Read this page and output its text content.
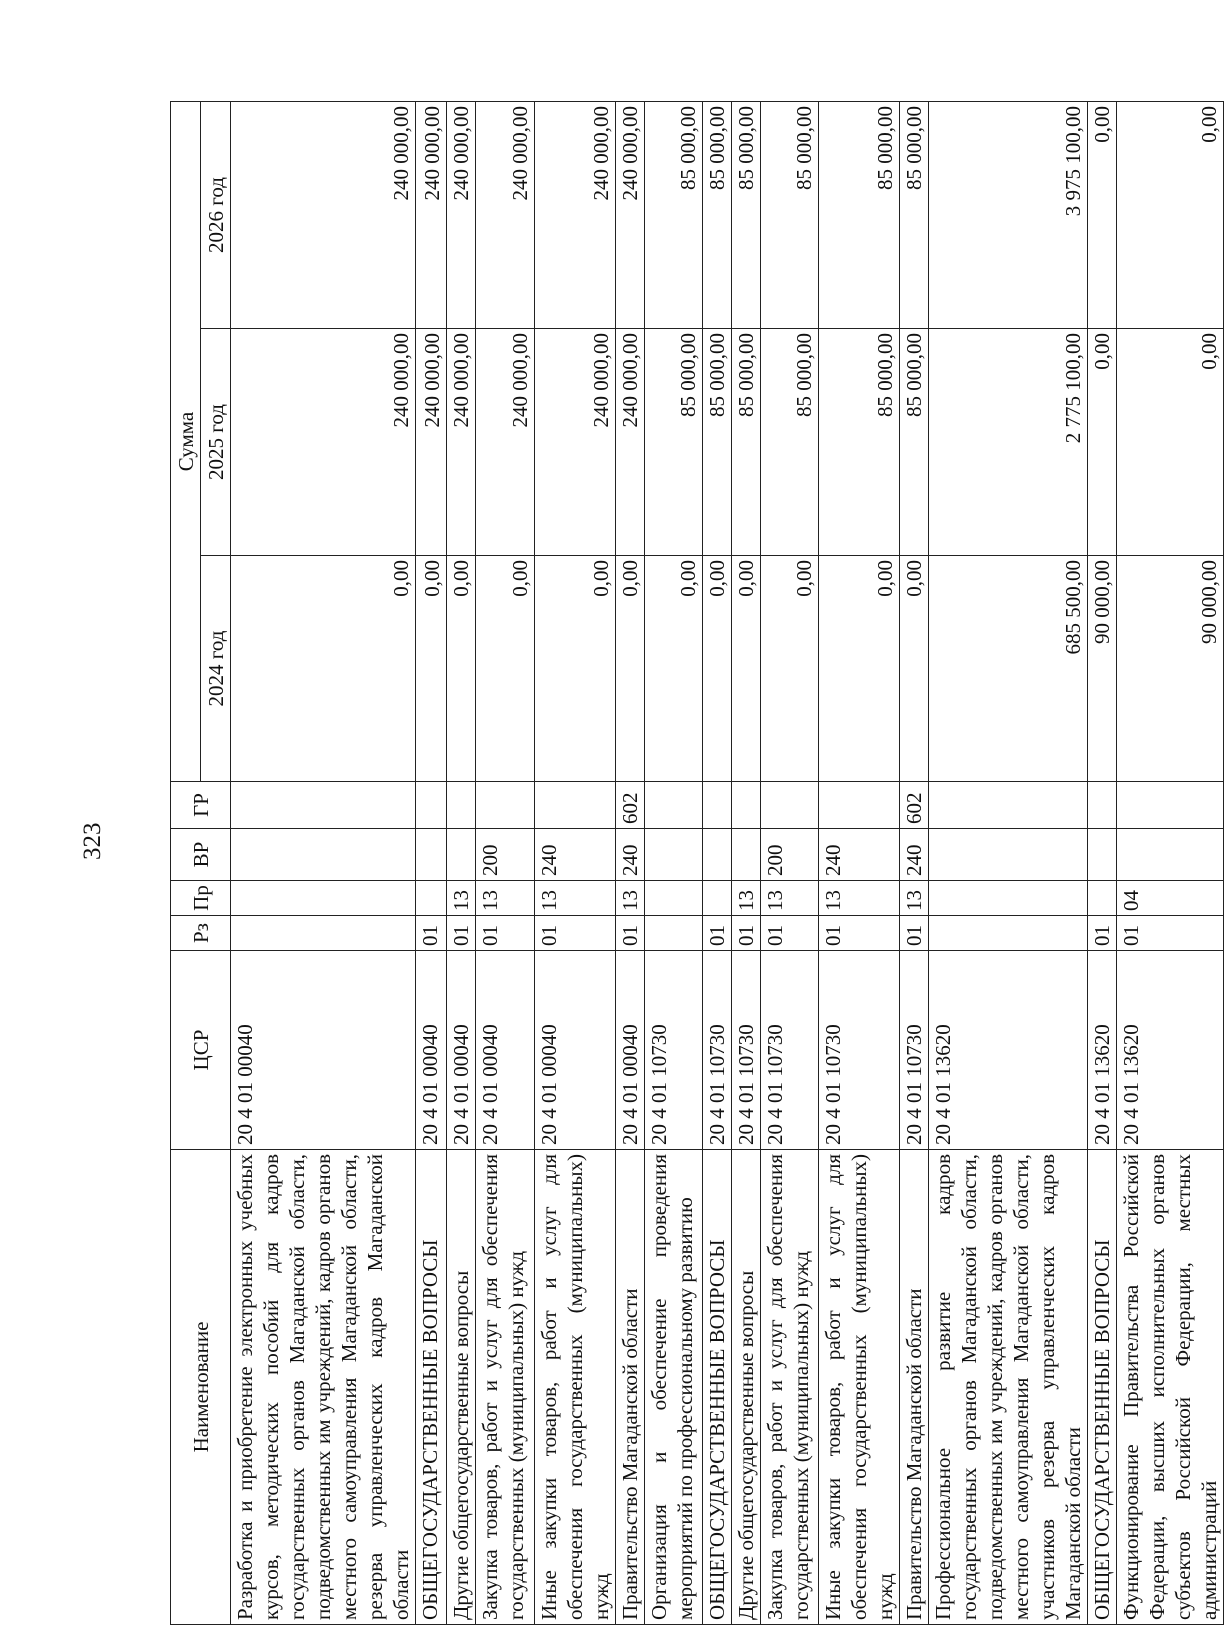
323
Наименование	ЦСР	Рз	Пр	ВР	ГР	Сумма		
						2024 год	2025 год	2026 год
Разработка и приобретение электронных учебных курсов, методических пособий для кадров государственных органов Магаданской области, подведомственных им учреждений, кадров органов местного самоуправления Магаданской области, резерва управленческих кадров Магаданской области	20 4 01 00040					0,00	240 000,00	240 000,00
ОБЩЕГОСУДАРСТВЕННЫЕ ВОПРОСЫ	20 4 01 00040	01				0,00	240 000,00	240 000,00
Другие общегосударственные вопросы	20 4 01 00040	01	13			0,00	240 000,00	240 000,00
Закупка товаров, работ и услуг для обеспечения государственных (муниципальных) нужд	20 4 01 00040	01	13	200		0,00	240 000,00	240 000,00
Иные закупки товаров, работ и услуг для обеспечения государственных (муниципальных) нужд	20 4 01 00040	01	13	240		0,00	240 000,00	240 000,00
Правительство Магаданской области	20 4 01 00040	01	13	240	602	0,00	240 000,00	240 000,00
Организация и обеспечение проведения мероприятий по профессиональному развитию	20 4 01 10730					0,00	85 000,00	85 000,00
ОБЩЕГОСУДАРСТВЕННЫЕ ВОПРОСЫ	20 4 01 10730	01				0,00	85 000,00	85 000,00
Другие общегосударственные вопросы	20 4 01 10730	01	13			0,00	85 000,00	85 000,00
Закупка товаров, работ и услуг для обеспечения государственных (муниципальных) нужд	20 4 01 10730	01	13	200		0,00	85 000,00	85 000,00
Иные закупки товаров, работ и услуг для обеспечения государственных (муниципальных) нужд	20 4 01 10730	01	13	240		0,00	85 000,00	85 000,00
Правительство Магаданской области	20 4 01 10730	01	13	240	602	0,00	85 000,00	85 000,00
Профессиональное развитие кадров государственных органов Магаданской области, подведомственных им учреждений, кадров органов местного самоуправления Магаданской области, участников резерва управленческих кадров Магаданской области	20 4 01 13620					685 500,00	2 775 100,00	3 975 100,00
ОБЩЕГОСУДАРСТВЕННЫЕ ВОПРОСЫ	20 4 01 13620	01				90 000,00	0,00	0,00
Функционирование Правительства Российской Федерации, высших исполнительных органов субъектов Российской Федерации, местных администраций	20 4 01 13620	01	04			90 000,00	0,00	0,00
